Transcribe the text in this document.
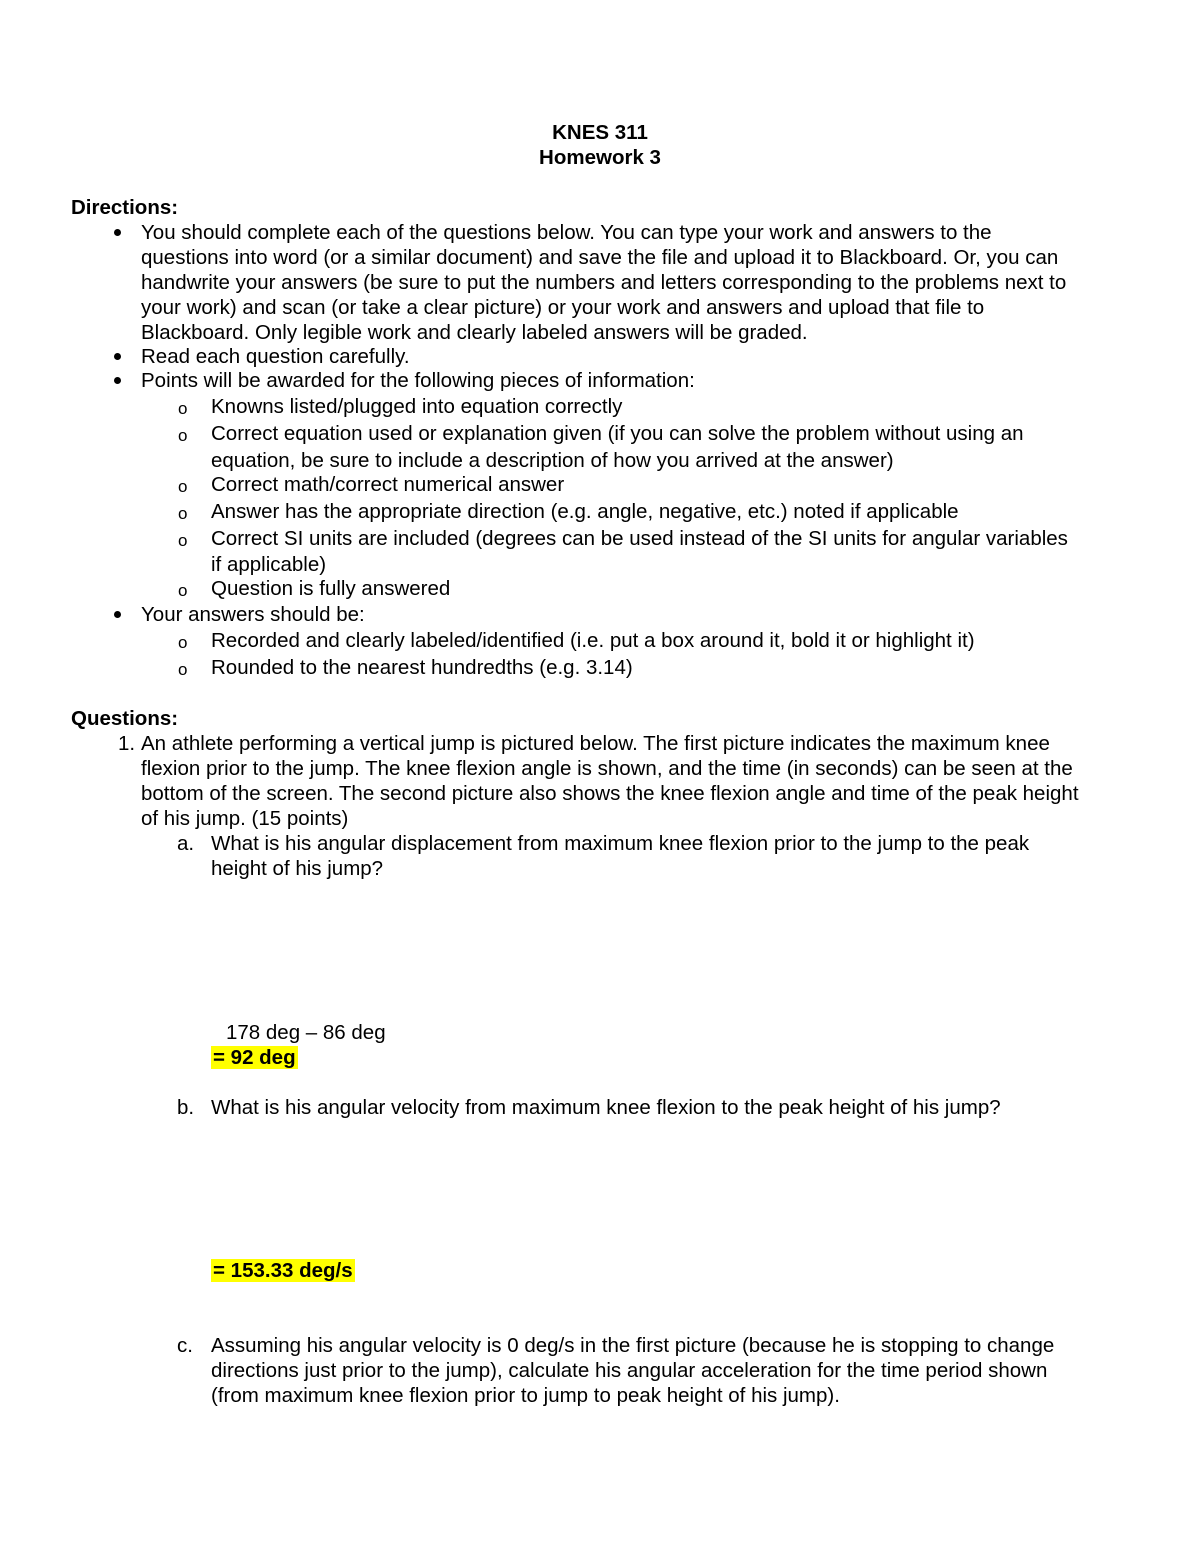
KNES 311
Homework 3
Directions:
You should complete each of the questions below. You can type your work and answers to the
questions into word (or a similar document) and save the file and upload it to Blackboard. Or, you can
handwrite your answers (be sure to put the numbers and letters corresponding to the problems next to
your work) and scan (or take a clear picture) or your work and answers and upload that file to
Blackboard. Only legible work and clearly labeled answers will be graded.
Read each question carefully.
Points will be awarded for the following pieces of information:
o Knowns listed/plugged into equation correctly
o Correct equation used or explanation given (if you can solve the problem without using an
equation, be sure to include a description of how you arrived at the answer)
o Correct math/correct numerical answer
o Answer has the appropriate direction (e.g. angle, negative, etc.) noted if applicable
o Correct SI units are included (degrees can be used instead of the SI units for angular variables
if applicable)
o Question is fully answered
Your answers should be:
o Recorded and clearly labeled/identified (i.e. put a box around it, bold it or highlight it)
o Rounded to the nearest hundredths (e.g. 3.14)
Questions:
1. An athlete performing a vertical jump is pictured below. The first picture indicates the maximum knee
flexion prior to the jump. The knee flexion angle is shown, and the time (in seconds) can be seen at the
bottom of the screen. The second picture also shows the knee flexion angle and time of the peak height
of his jump. (15 points)
a. What is his angular displacement from maximum knee flexion prior to the jump to the peak
height of his jump?
178 deg – 86 deg
= 92 deg
b. What is his angular velocity from maximum knee flexion to the peak height of his jump?
= 153.33 deg/s
c. Assuming his angular velocity is 0 deg/s in the first picture (because he is stopping to change
directions just prior to the jump), calculate his angular acceleration for the time period shown
(from maximum knee flexion prior to jump to peak height of his jump).
